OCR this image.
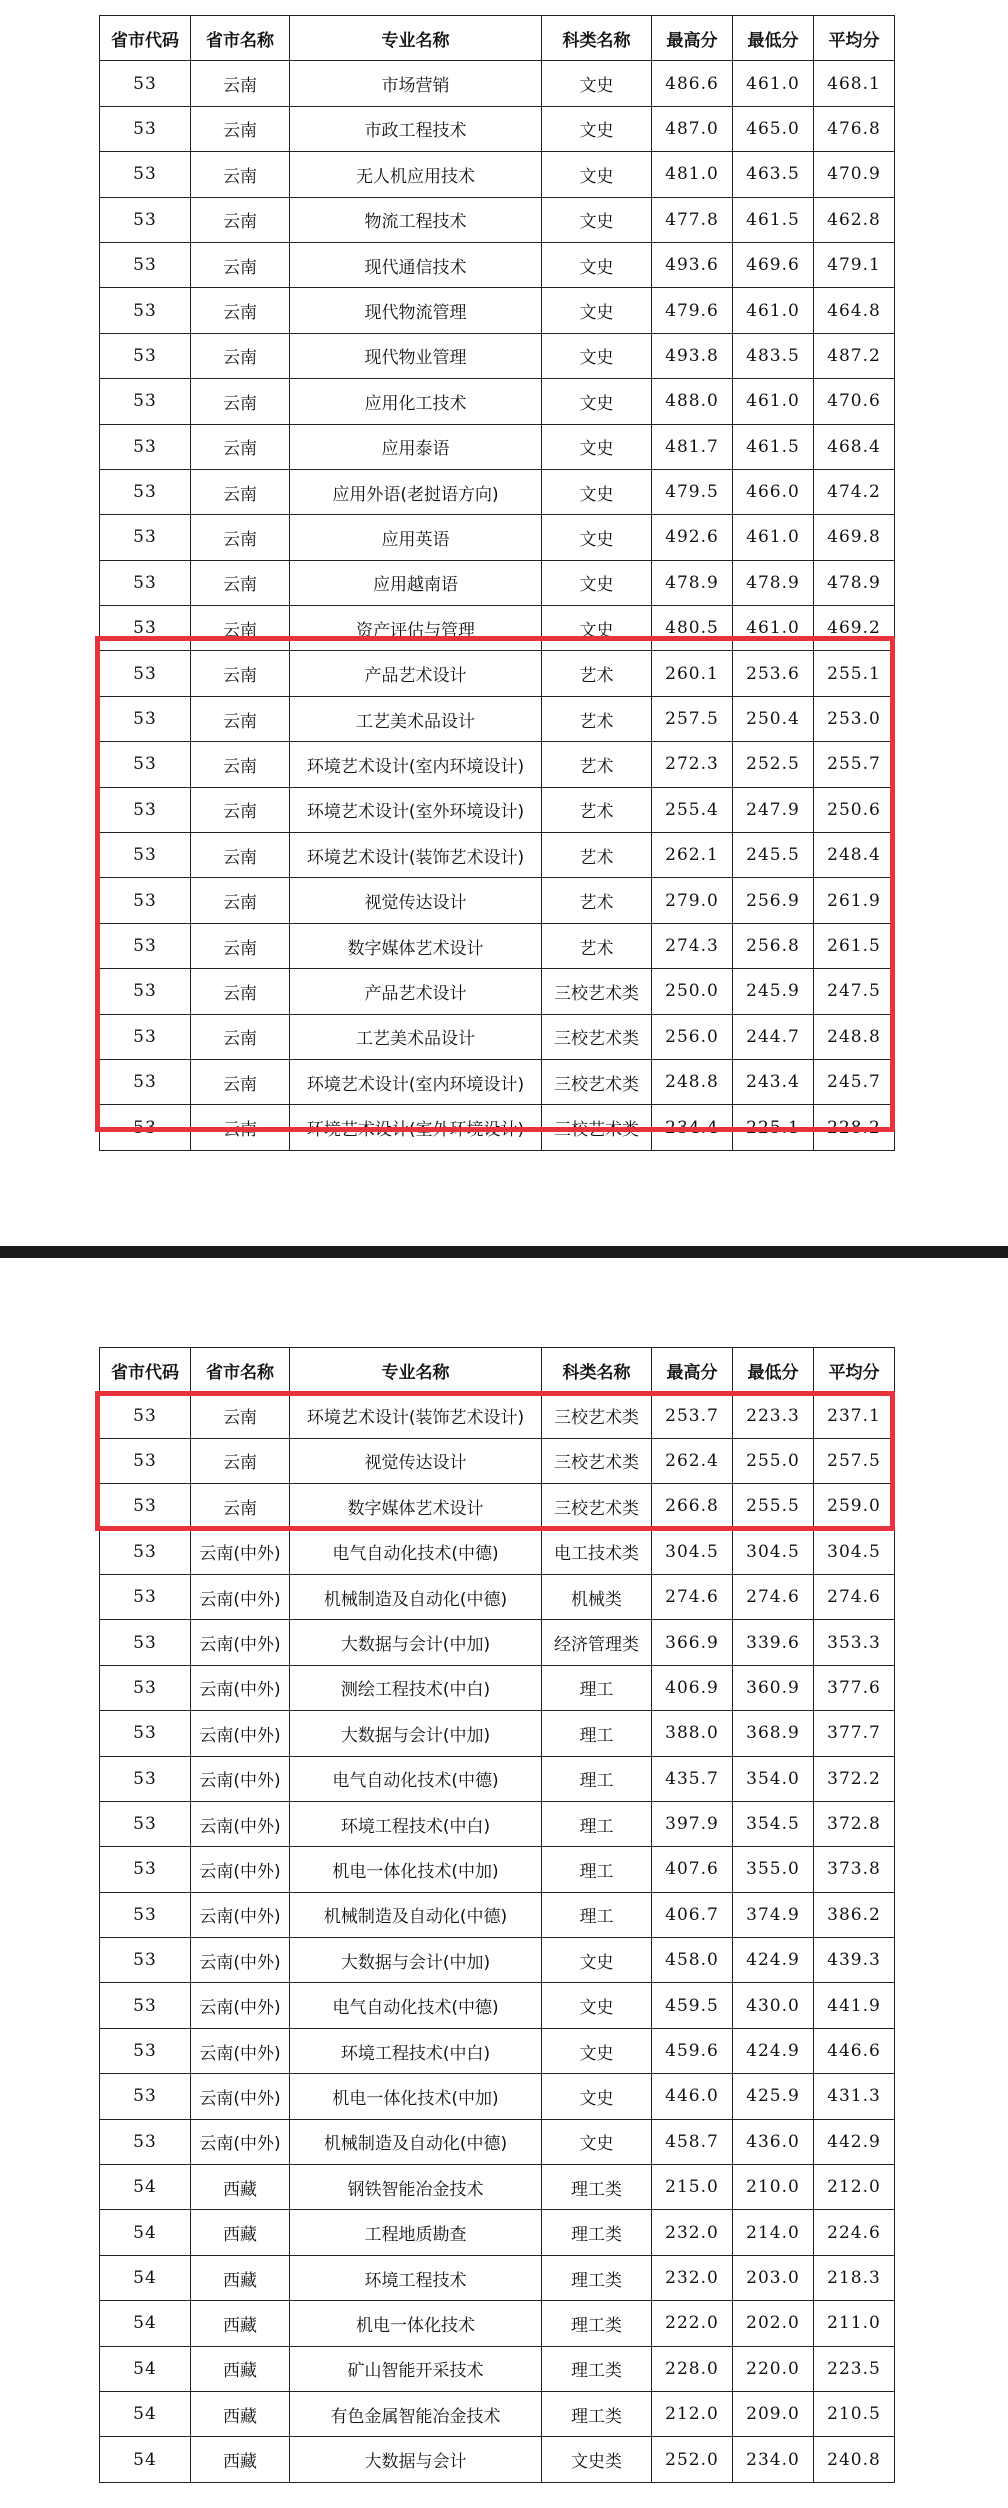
省市代码	省市名称	专业名称	科类名称	最高分	最低分	平均分
53	云南	市场营销	文史	486.6	461.0	468.1
53	云南	市政工程技术	文史	487.0	465.0	476.8
53	云南	无人机应用技术	文史	481.0	463.5	470.9
53	云南	物流工程技术	文史	477.8	461.5	462.8
53	云南	现代通信技术	文史	493.6	469.6	479.1
53	云南	现代物流管理	文史	479.6	461.0	464.8
53	云南	现代物业管理	文史	493.8	483.5	487.2
53	云南	应用化工技术	文史	488.0	461.0	470.6
53	云南	应用泰语	文史	481.7	461.5	468.4
53	云南	应用外语(老挝语方向)	文史	479.5	466.0	474.2
53	云南	应用英语	文史	492.6	461.0	469.8
53	云南	应用越南语	文史	478.9	478.9	478.9
53	云南	资产评估与管理	文史	480.5	461.0	469.2
53	云南	产品艺术设计	艺术	260.1	253.6	255.1
53	云南	工艺美术品设计	艺术	257.5	250.4	253.0
53	云南	环境艺术设计(室内环境设计)	艺术	272.3	252.5	255.7
53	云南	环境艺术设计(室外环境设计)	艺术	255.4	247.9	250.6
53	云南	环境艺术设计(装饰艺术设计)	艺术	262.1	245.5	248.4
53	云南	视觉传达设计	艺术	279.0	256.9	261.9
53	云南	数字媒体艺术设计	艺术	274.3	256.8	261.5
53	云南	产品艺术设计	三校艺术类	250.0	245.9	247.5
53	云南	工艺美术品设计	三校艺术类	256.0	244.7	248.8
53	云南	环境艺术设计(室内环境设计)	三校艺术类	248.8	243.4	245.7
53	云南	环境艺术设计(室外环境设计)	三校艺术类	234.4	225.1	228.2
省市代码	省市名称	专业名称	科类名称	最高分	最低分	平均分
53	云南	环境艺术设计(装饰艺术设计)	三校艺术类	253.7	223.3	237.1
53	云南	视觉传达设计	三校艺术类	262.4	255.0	257.5
53	云南	数字媒体艺术设计	三校艺术类	266.8	255.5	259.0
53	云南(中外)	电气自动化技术(中德)	电工技术类	304.5	304.5	304.5
53	云南(中外)	机械制造及自动化(中德)	机械类	274.6	274.6	274.6
53	云南(中外)	大数据与会计(中加)	经济管理类	366.9	339.6	353.3
53	云南(中外)	测绘工程技术(中白)	理工	406.9	360.9	377.6
53	云南(中外)	大数据与会计(中加)	理工	388.0	368.9	377.7
53	云南(中外)	电气自动化技术(中德)	理工	435.7	354.0	372.2
53	云南(中外)	环境工程技术(中白)	理工	397.9	354.5	372.8
53	云南(中外)	机电一体化技术(中加)	理工	407.6	355.0	373.8
53	云南(中外)	机械制造及自动化(中德)	理工	406.7	374.9	386.2
53	云南(中外)	大数据与会计(中加)	文史	458.0	424.9	439.3
53	云南(中外)	电气自动化技术(中德)	文史	459.5	430.0	441.9
53	云南(中外)	环境工程技术(中白)	文史	459.6	424.9	446.6
53	云南(中外)	机电一体化技术(中加)	文史	446.0	425.9	431.3
53	云南(中外)	机械制造及自动化(中德)	文史	458.7	436.0	442.9
54	西藏	钢铁智能冶金技术	理工类	215.0	210.0	212.0
54	西藏	工程地质勘查	理工类	232.0	214.0	224.6
54	西藏	环境工程技术	理工类	232.0	203.0	218.3
54	西藏	机电一体化技术	理工类	222.0	202.0	211.0
54	西藏	矿山智能开采技术	理工类	228.0	220.0	223.5
54	西藏	有色金属智能冶金技术	理工类	212.0	209.0	210.5
54	西藏	大数据与会计	文史类	252.0	234.0	240.8
